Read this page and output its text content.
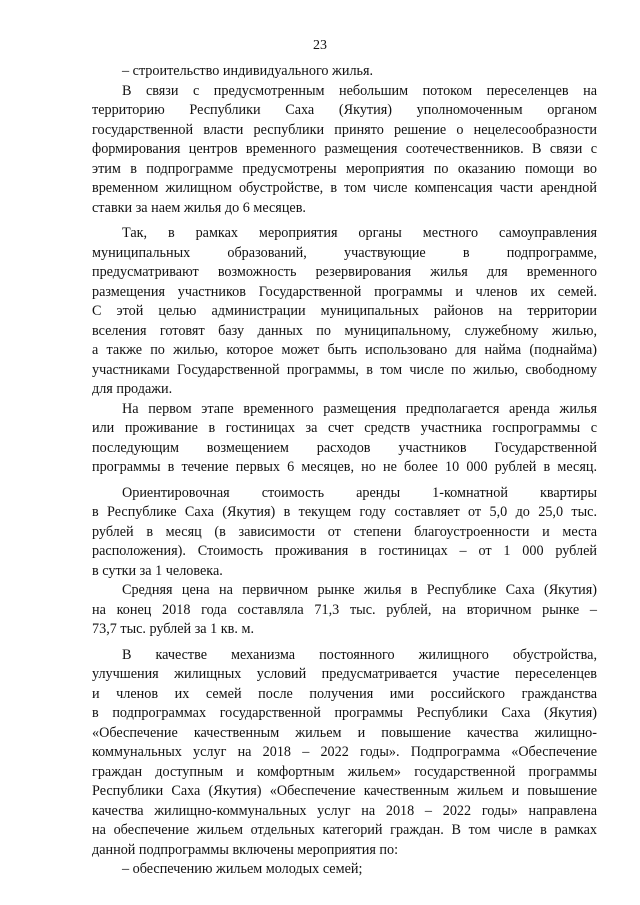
23
– строительство индивидуального жилья.
В связи с предусмотренным небольшим потоком переселенцев на
территорию Республики Саха (Якутия) уполномоченным органом
государственной власти республики принято решение о нецелесообразности
формирования центров временного размещения соотечественников. В связи с
этим в подпрограмме предусмотрены мероприятия по оказанию помощи во
временном жилищном обустройстве, в том числе компенсация части арендной
ставки за наем жилья до 6 месяцев.
Так, в рамках мероприятия органы местного самоуправления
муниципальных образований, участвующие в подпрограмме,
предусматривают возможность резервирования жилья для временного
размещения участников Государственной программы и членов их семей.
С этой целью администрации муниципальных районов на территории
вселения готовят базу данных по муниципальному, служебному жилью,
а также по жилью, которое может быть использовано для найма (поднайма)
участниками Государственной программы, в том числе по жилью, свободному
для продажи.
На первом этапе временного размещения предполагается аренда жилья
или проживание в гостиницах за счет средств участника госпрограммы с
последующим возмещением расходов участников Государственной
программы в течение первых 6 месяцев, но не более 10 000 рублей в месяц.
Ориентировочная стоимость аренды 1-комнатной квартиры
в Республике Саха (Якутия) в текущем году составляет от 5,0 до 25,0 тыс.
рублей в месяц (в зависимости от степени благоустроенности и места
расположения). Стоимость проживания в гостиницах – от 1 000 рублей
в сутки за 1 человека.
Средняя цена на первичном рынке жилья в Республике Саха (Якутия)
на конец 2018 года составляла 71,3 тыс. рублей, на вторичном рынке –
73,7 тыс. рублей за 1 кв. м.
В качестве механизма постоянного жилищного обустройства,
улучшения жилищных условий предусматривается участие переселенцев
и членов их семей после получения ими российского гражданства
в подпрограммах государственной программы Республики Саха (Якутия)
«Обеспечение качественным жильем и повышение качества жилищно-
коммунальных услуг на 2018 – 2022 годы». Подпрограмма «Обеспечение
граждан доступным и комфортным жильем» государственной программы
Республики Саха (Якутия) «Обеспечение качественным жильем и повышение
качества жилищно-коммунальных услуг на 2018 – 2022 годы» направлена
на обеспечение жильем отдельных категорий граждан. В том числе в рамках
данной подпрограммы включены мероприятия по:
– обеспечению жильем молодых семей;
